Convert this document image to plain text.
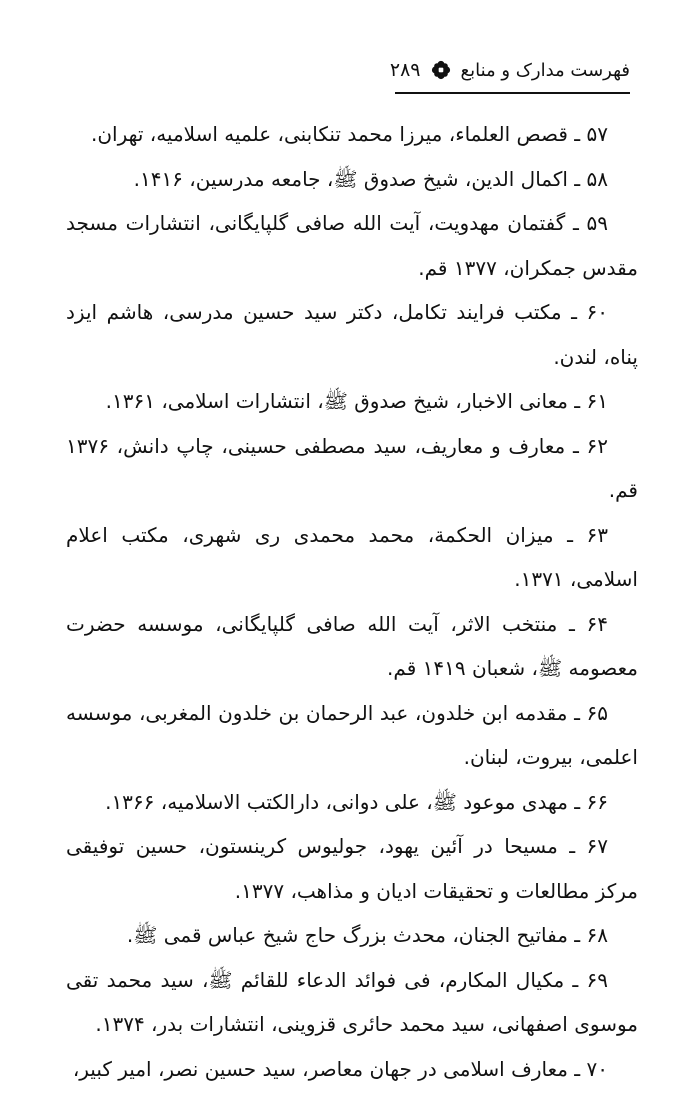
فهرست مدارک و منابع
۲۸۹

۵۷ ـ قصص العلماء، میرزا محمد تنکابنی، علمیه اسلامیه، تهران.

۵۸ ـ اکمال الدین، شیخ صدوق ﷺ، جامعه مدرسین، ۱۴۱۶.

۵۹ ـ گفتمان مهدویت، آیت الله صافی گلپایگانی، انتشارات مسجد مقدس جمکران، ۱۳۷۷ قم.

۶۰ ـ مکتب فرایند تکامل، دکتر سید حسین مدرسی، هاشم ایزد پناه، لندن.

۶۱ ـ معانی الاخبار، شیخ صدوق ﷺ، انتشارات اسلامی، ۱۳۶۱.

۶۲ ـ معارف و معاریف، سید مصطفی حسینی، چاپ دانش، ۱۳۷۶ قم.

۶۳ ـ میزان الحکمة، محمد محمدی ری شهری، مکتب اعلام اسلامی، ۱۳۷۱.

۶۴ ـ منتخب الاثر، آیت الله صافی گلپایگانی، موسسه حضرت معصومه ﷺ، شعبان ۱۴۱۹ قم.

۶۵ ـ مقدمه ابن خلدون، عبد الرحمان بن خلدون المغربی، موسسه اعلمی، بیروت، لبنان.

۶۶ ـ مهدی موعود ﷺ، علی دوانی، دارالکتب الاسلامیه، ۱۳۶۶.

۶۷ ـ مسیحا در آئین یهود، جولیوس کرینستون، حسین توفیقی مرکز مطالعات و تحقیقات ادیان و مذاهب، ۱۳۷۷.

۶۸ ـ مفاتیح الجنان، محدث بزرگ حاج شیخ عباس قمی ﷺ.

۶۹ ـ مکیال المکارم، فی فوائد الدعاء للقائم ﷺ، سید محمد تقی موسوی اصفهانی، سید محمد حائری قزوینی، انتشارات بدر، ۱۳۷۴.

۷۰ ـ معارف اسلامی در جهان معاصر، سید حسین نصر، امیر کبیر،
